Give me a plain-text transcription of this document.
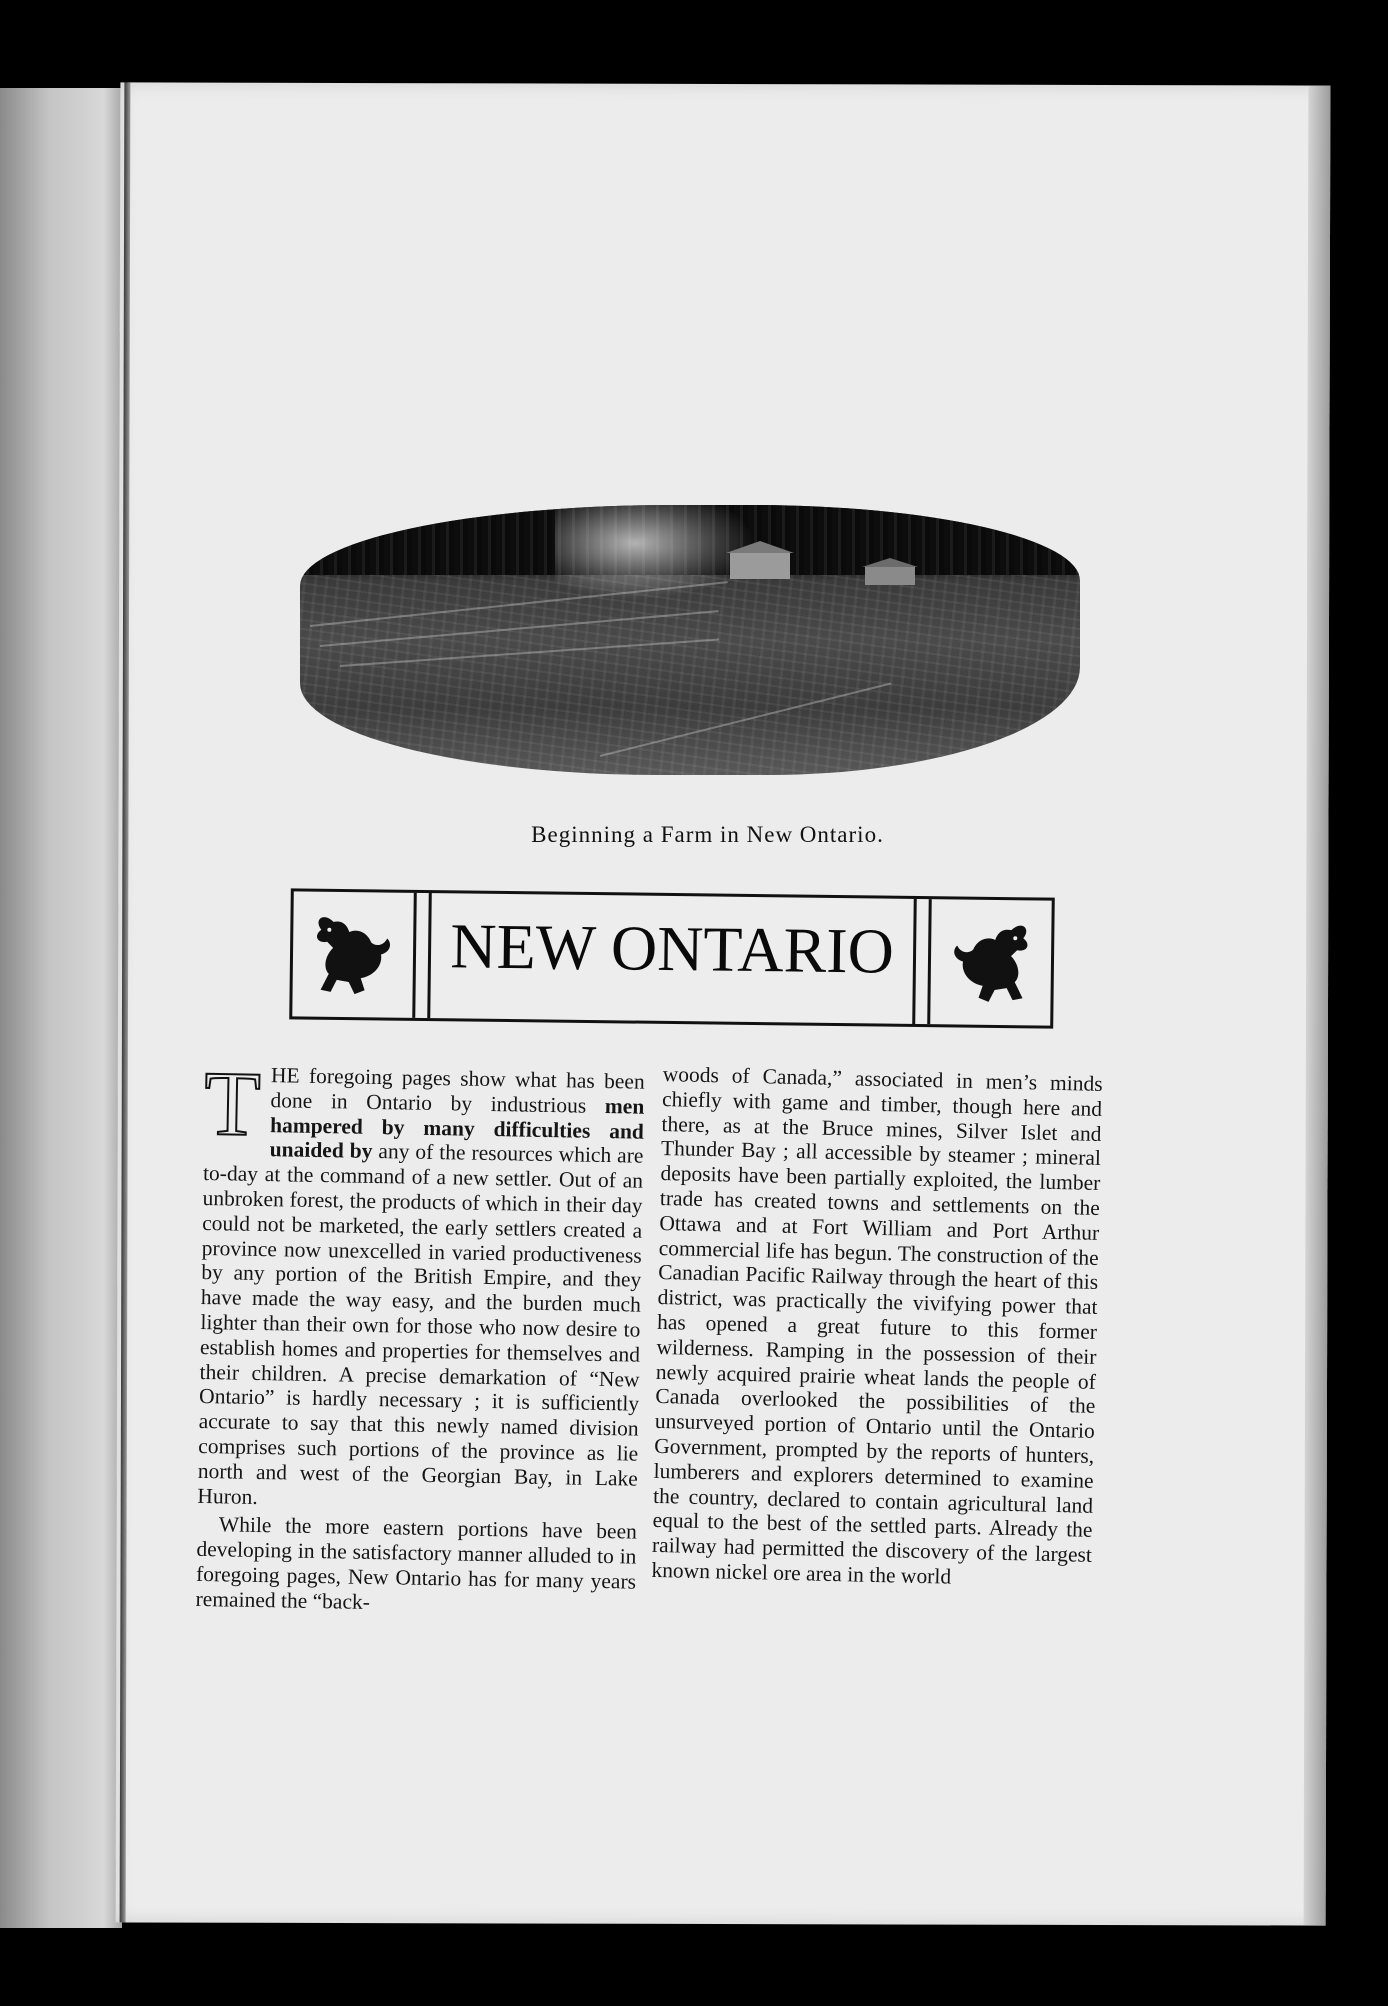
Beginning a Farm in New Ontario.
NEW ONTARIO

THE foregoing pages show what has been done in Ontario by industrious men hampered by many difficulties and unaided by any of the resources which are to-day at the command of a new settler. Out of an unbroken forest, the products of which in their day could not be marketed, the early settlers created a province now unexcelled in varied productiveness by any portion of the British Empire, and they have made the way easy, and the burden much lighter than their own for those who now desire to establish homes and properties for themselves and their children. A precise demarkation of “New Ontario” is hardly necessary ; it is sufficiently accurate to say that this newly named division comprises such portions of the province as lie north and west of the Georgian Bay, in Lake Huron.

While the more eastern portions have been developing in the satisfactory manner alluded to in foregoing pages, New Ontario has for many years remained the “back-

woods of Canada,” associated in men’s minds chiefly with game and timber, though here and there, as at the Bruce mines, Silver Islet and Thunder Bay ; all accessible by steamer ; mineral deposits have been partially exploited, the lumber trade has created towns and settlements on the Ottawa and at Fort William and Port Arthur commercial life has begun. The construction of the Canadian Pacific Railway through the heart of this district, was practically the vivifying power that has opened a great future to this former wilderness. Ramping in the possession of their newly acquired prairie wheat lands the people of Canada overlooked the possibilities of the unsurveyed portion of Ontario until the Ontario Government, prompted by the reports of hunters, lumberers and explorers determined to examine the country, declared to contain agricultural land equal to the best of the settled parts. Already the railway had permitted the discovery of the largest known nickel ore area in the world
